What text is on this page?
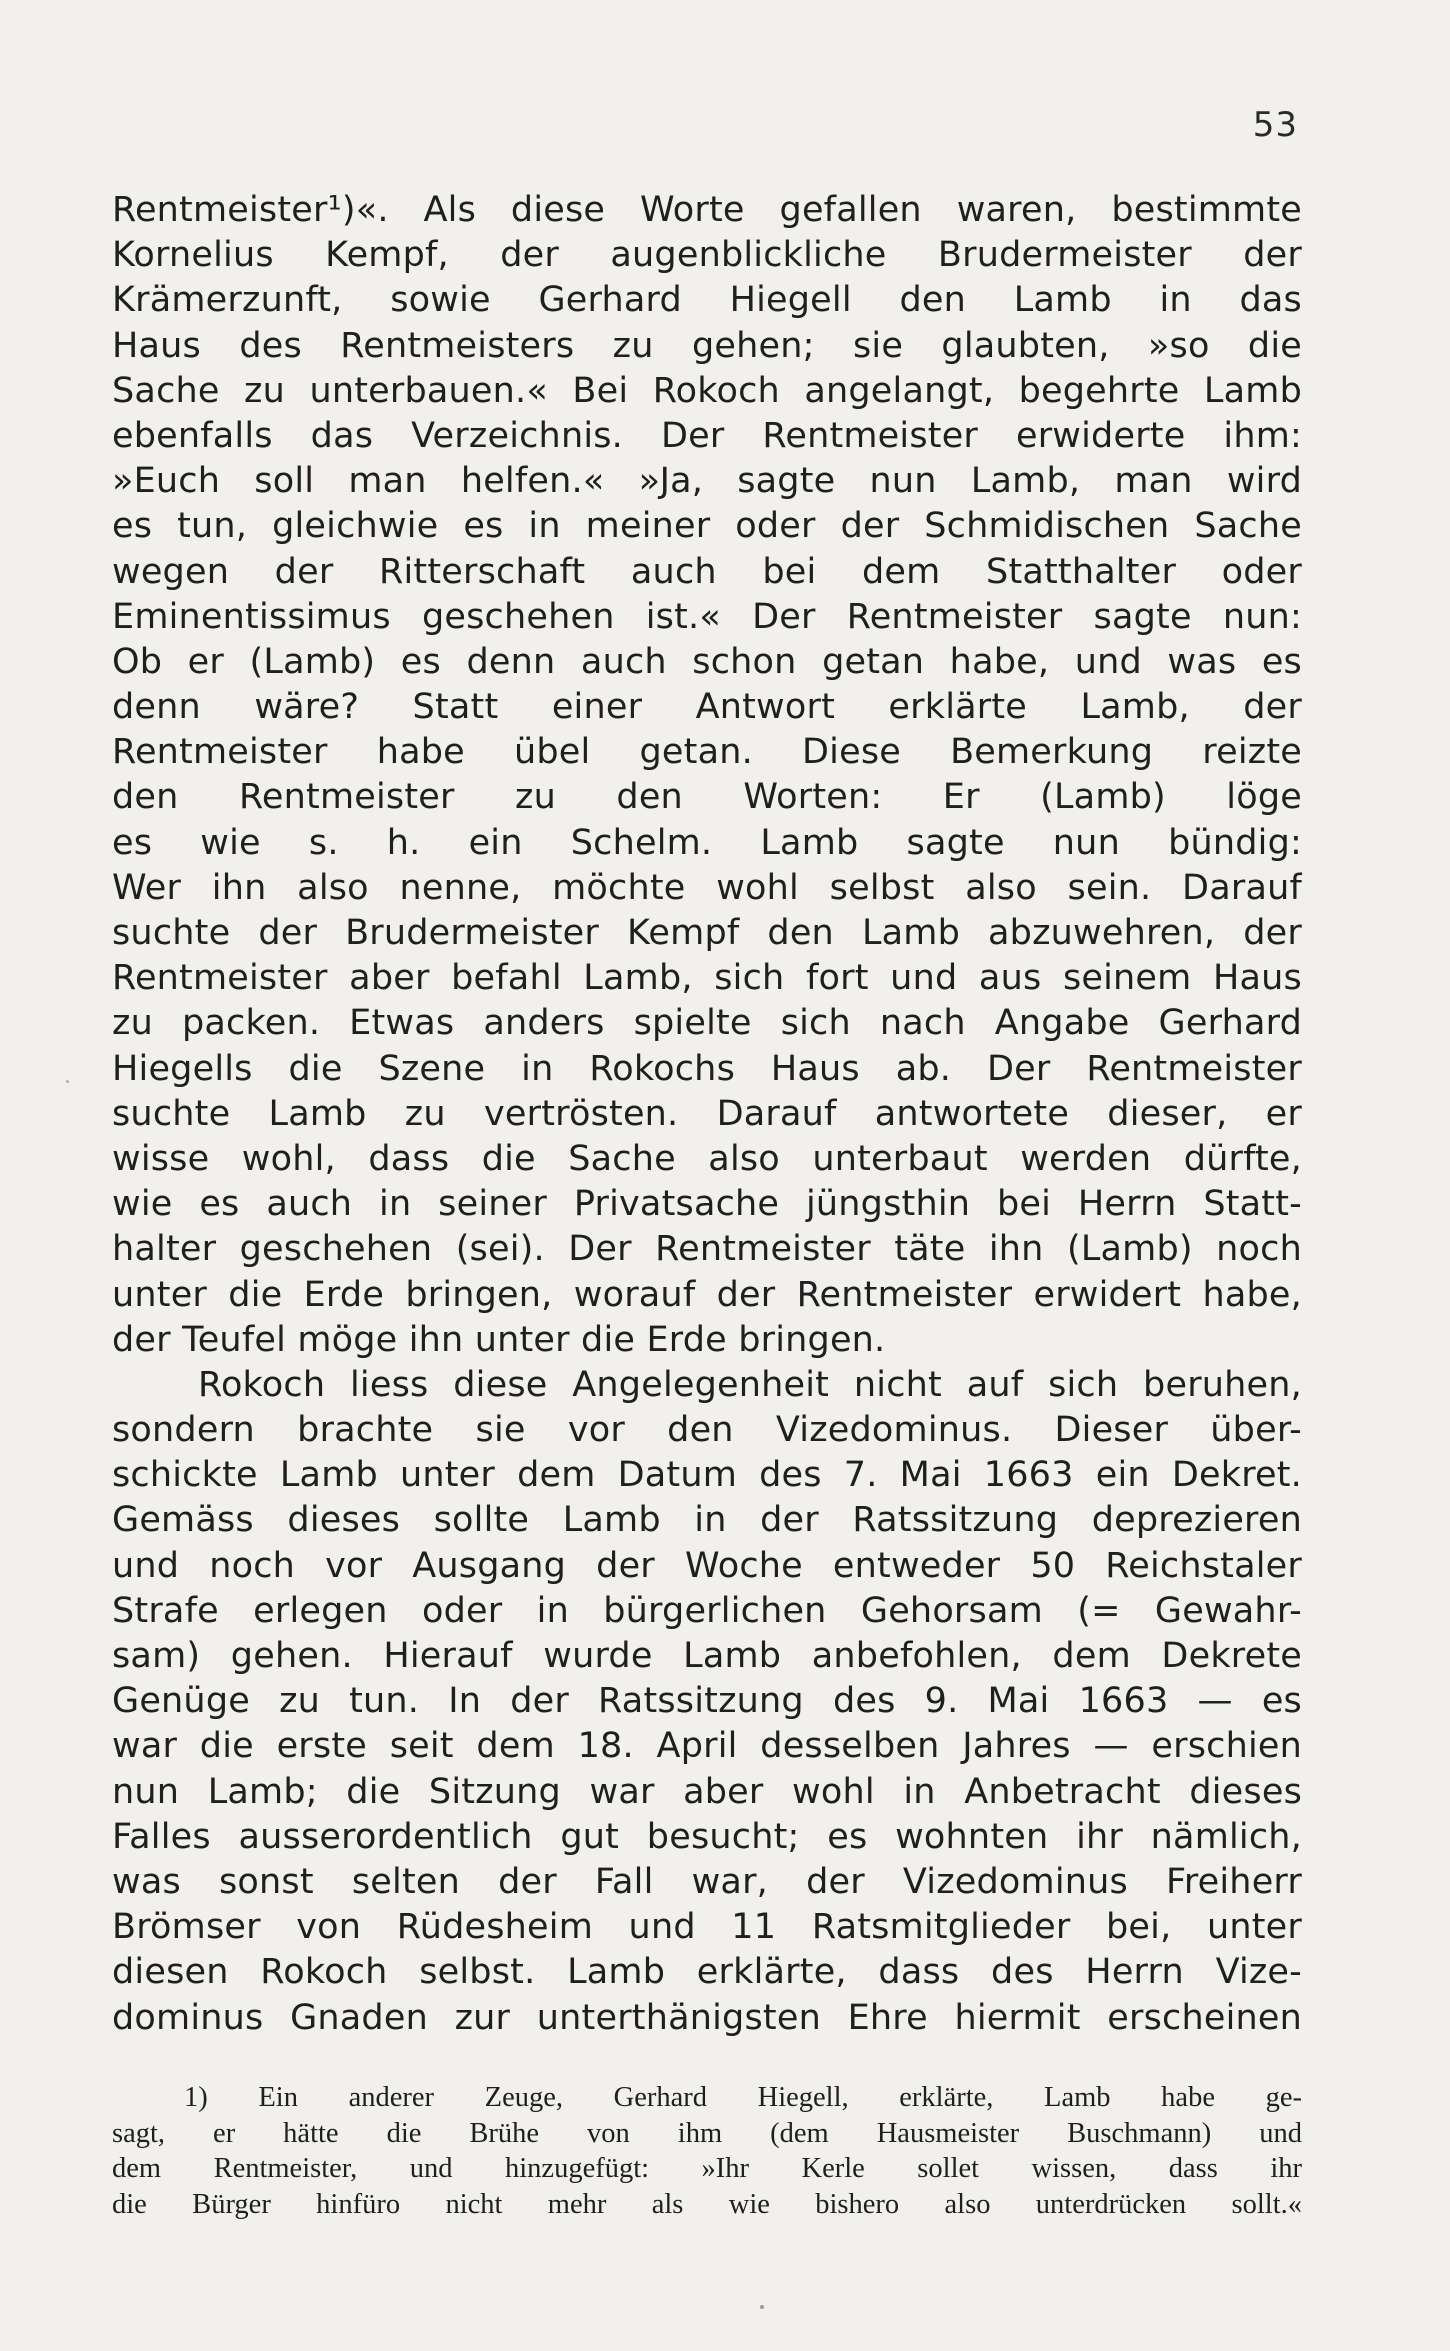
53
Rentmeister¹)«. Als diese Worte gefallen waren, bestimmte
Kornelius Kempf, der augenblickliche Brudermeister der
Krämerzunft, sowie Gerhard Hiegell den Lamb in das
Haus des Rentmeisters zu gehen; sie glaubten, »so die
Sache zu unterbauen.« Bei Rokoch angelangt, begehrte Lamb
ebenfalls das Verzeichnis. Der Rentmeister erwiderte ihm:
»Euch soll man helfen.« »Ja, sagte nun Lamb, man wird
es tun, gleichwie es in meiner oder der Schmidischen Sache
wegen der Ritterschaft auch bei dem Statthalter oder
Eminentissimus geschehen ist.« Der Rentmeister sagte nun:
Ob er (Lamb) es denn auch schon getan habe, und was es
denn wäre? Statt einer Antwort erklärte Lamb, der
Rentmeister habe übel getan. Diese Bemerkung reizte
den Rentmeister zu den Worten: Er (Lamb) löge
es wie s. h. ein Schelm. Lamb sagte nun bündig:
Wer ihn also nenne, möchte wohl selbst also sein. Darauf
suchte der Brudermeister Kempf den Lamb abzuwehren, der
Rentmeister aber befahl Lamb, sich fort und aus seinem Haus
zu packen. Etwas anders spielte sich nach Angabe Gerhard
Hiegells die Szene in Rokochs Haus ab. Der Rentmeister
suchte Lamb zu vertrösten. Darauf antwortete dieser, er
wisse wohl, dass die Sache also unterbaut werden dürfte,
wie es auch in seiner Privatsache jüngsthin bei Herrn Statt-
halter geschehen (sei). Der Rentmeister täte ihn (Lamb) noch
unter die Erde bringen, worauf der Rentmeister erwidert habe,
der Teufel möge ihn unter die Erde bringen.
Rokoch liess diese Angelegenheit nicht auf sich beruhen,
sondern brachte sie vor den Vizedominus. Dieser über-
schickte Lamb unter dem Datum des 7. Mai 1663 ein Dekret.
Gemäss dieses sollte Lamb in der Ratssitzung deprezieren
und noch vor Ausgang der Woche entweder 50 Reichstaler
Strafe erlegen oder in bürgerlichen Gehorsam (= Gewahr-
sam) gehen. Hierauf wurde Lamb anbefohlen, dem Dekrete
Genüge zu tun. In der Ratssitzung des 9. Mai 1663 — es
war die erste seit dem 18. April desselben Jahres — erschien
nun Lamb; die Sitzung war aber wohl in Anbetracht dieses
Falles ausserordentlich gut besucht; es wohnten ihr nämlich,
was sonst selten der Fall war, der Vizedominus Freiherr
Brömser von Rüdesheim und 11 Ratsmitglieder bei, unter
diesen Rokoch selbst. Lamb erklärte, dass des Herrn Vize-
dominus Gnaden zur unterthänigsten Ehre hiermit erscheinen
1) Ein anderer Zeuge, Gerhard Hiegell, erklärte, Lamb habe ge-
sagt, er hätte die Brühe von ihm (dem Hausmeister Buschmann) und
dem Rentmeister, und hinzugefügt: »Ihr Kerle sollet wissen, dass ihr
die Bürger hinfüro nicht mehr als wie bishero also unterdrücken sollt.«
